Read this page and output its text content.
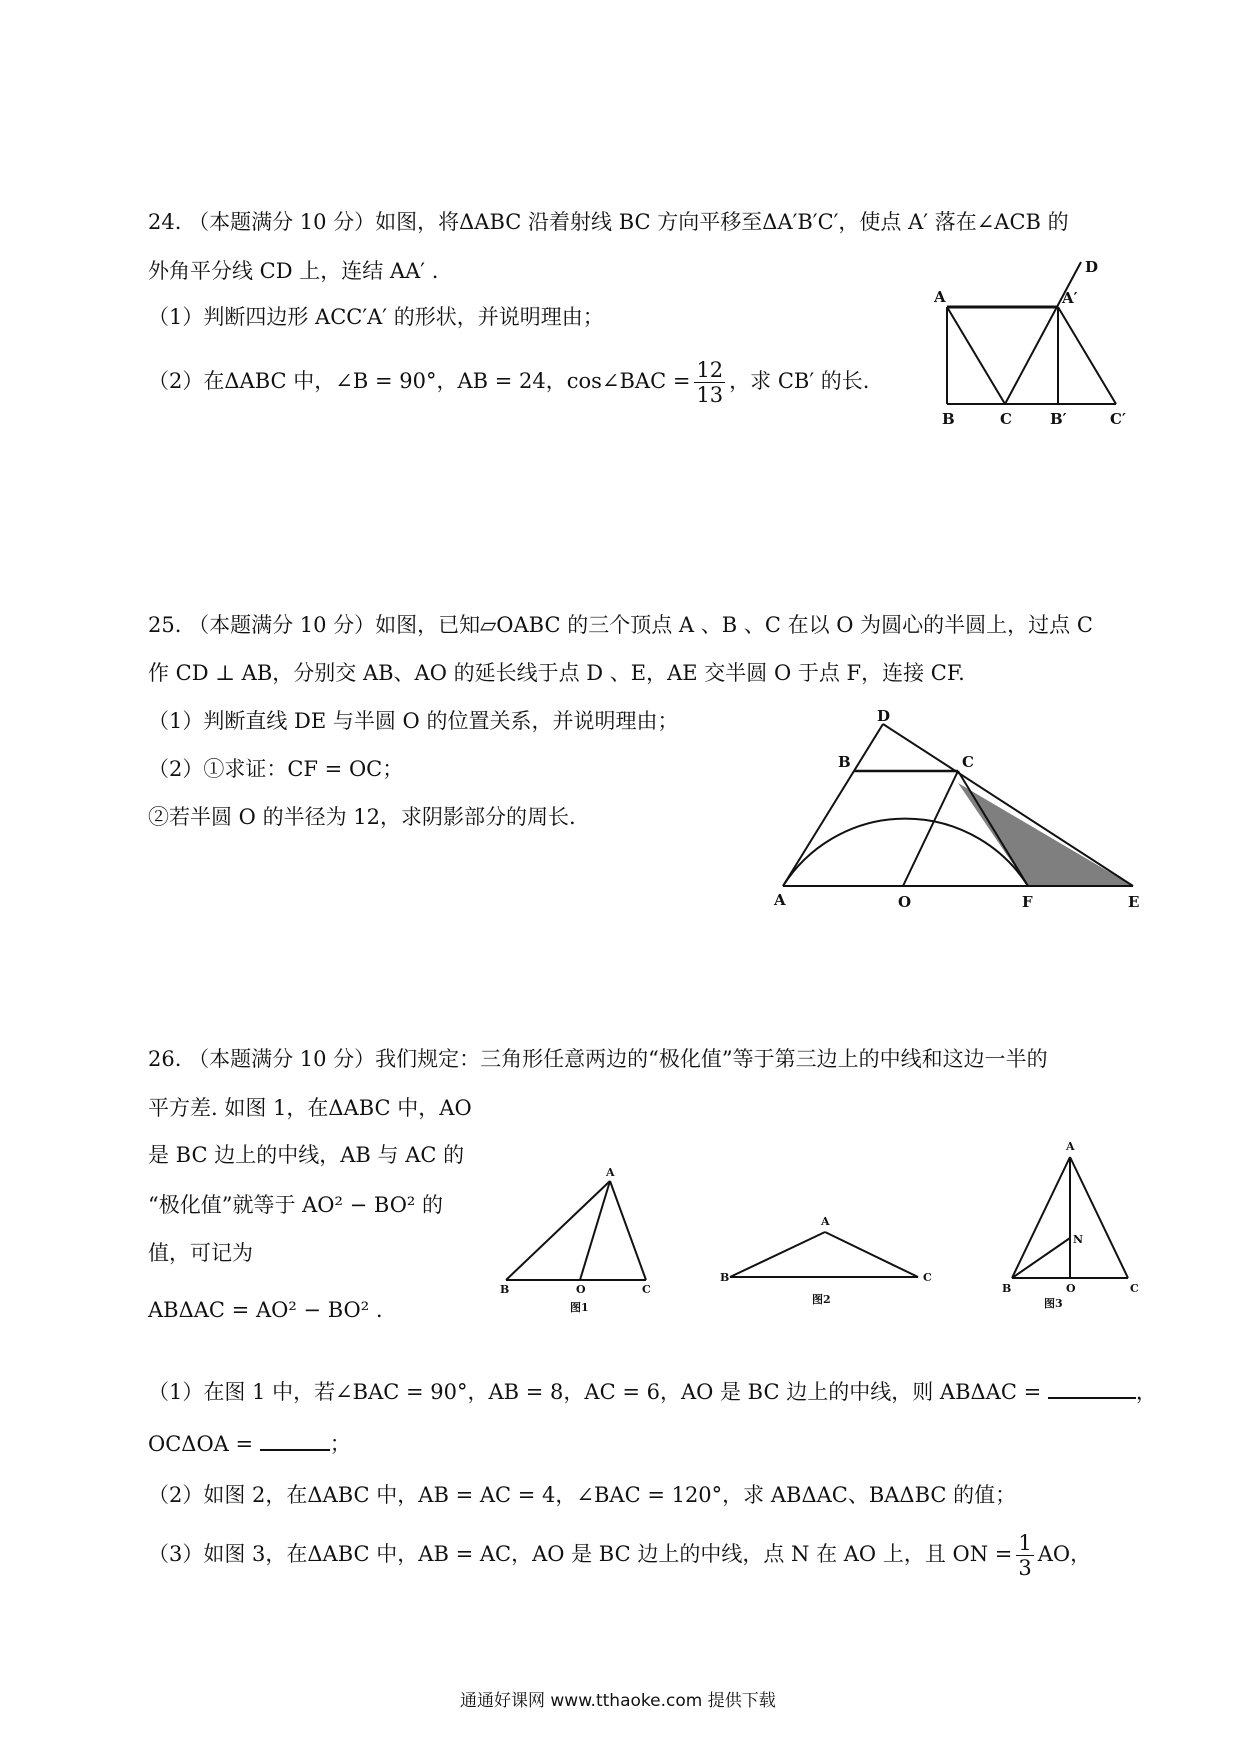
24. （本题满分 10 分）如图，将ΔABC 沿着射线 BC 方向平移至ΔA′B′C′，使点 A′ 落在∠ACB 的
外角平分线 CD 上，连结 AA′ .
（1）判断四边形 ACC′A′ 的形状，并说明理由；
（2）在ΔABC 中，∠B = 90°，AB = 24，cos∠BAC = $\frac{12}{13}$ ，求 CB′ 的长.
A	A′
D
B	C	B′	C′
25. （本题满分 10 分）如图，已知▱OABC 的三个顶点 A 、B 、C 在以 O 为圆心的半圆上，过点 C
作 CD ⊥ AB，分别交 AB、AO 的延长线于点 D 、E，AE 交半圆 O 于点 F，连接 CF.
（1）判断直线 DE 与半圆 O 的位置关系，并说明理由；
（2）①求证：CF = OC；
②若半圆 O 的半径为 12，求阴影部分的周长.
D
B	C
A	O	F	E
26. （本题满分 10 分）我们规定：三角形任意两边的“极化值”等于第三边上的中线和这边一半的
平方差. 如图 1，在ΔABC 中，AO
是 BC 边上的中线，AB 与 AC 的
“极化值”就等于 AO² − BO² 的
值，可记为
ABΔAC = AO² − BO² .
（1）在图 1 中，若∠BAC = 90°，AB = 8，AC = 6，AO 是 BC 边上的中线，则 ABΔAC =	，
OCΔOA =	；
（2）如图 2，在ΔABC 中，AB = AC = 4，∠BAC = 120°，求 ABΔAC、BAΔBC 的值；
（3）如图 3，在ΔABC 中，AB = AC，AO 是 BC 边上的中线，点 N 在 AO 上，且 ON = $\frac{1}{3}$ AO，
A
B	O	C
图1
A
B	C
图2
A
N
B	O	C
图3
通通好课网 www.tthaoke.com 提供下载
